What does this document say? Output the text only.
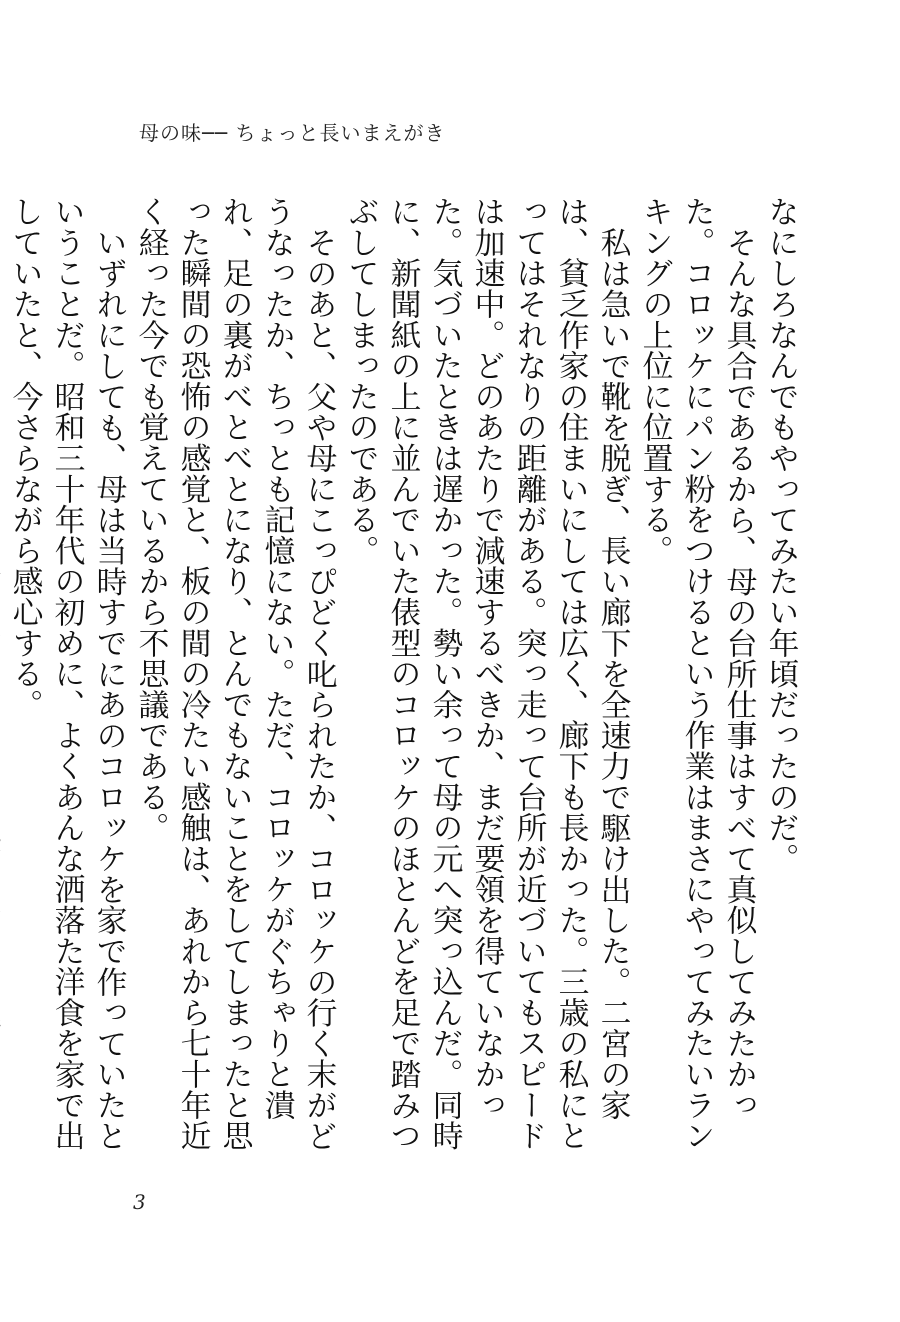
母の味── ちょっと長いまえがき

なにしろなんでもやってみたい年頃だったのだ。

そんな具合であるから、母の台所仕事はすべて真似してみたかった。コロッケにパン粉をつけるという作業はまさにやってみたいランキングの上位に位置する。

私は急いで靴を脱ぎ、長い廊下を全速力で駆け出した。二宮の家は、貧乏作家の住まいにしては広く、廊下も長かった。三歳の私にとってはそれなりの距離がある。突っ走って台所が近づいてもスピードは加速中。どのあたりで減速するべきか、まだ要領を得ていなかった。気づいたときは遅かった。勢い余って母の元へ突っ込んだ。同時に、新聞紙の上に並んでいた俵型のコロッケのほとんどを足で踏みつぶしてしまったのである。

そのあと、父や母にこっぴどく叱られたか、コロッケの行く末がどうなったか、ちっとも記憶にない。ただ、コロッケがぐちゃりと潰れ、足の裏がべとべとになり、とんでもないことをしてしまったと思った瞬間の恐怖の感覚と、板の間の冷たい感触は、あれから七十年近く経った今でも覚えているから不思議である。

いずれにしても、母は当時すでにあのコロッケを家で作っていたということだ。昭和三十年代の初めに、よくあんな洒落た洋食を家で出していたと、今さらながら感心する。

3
